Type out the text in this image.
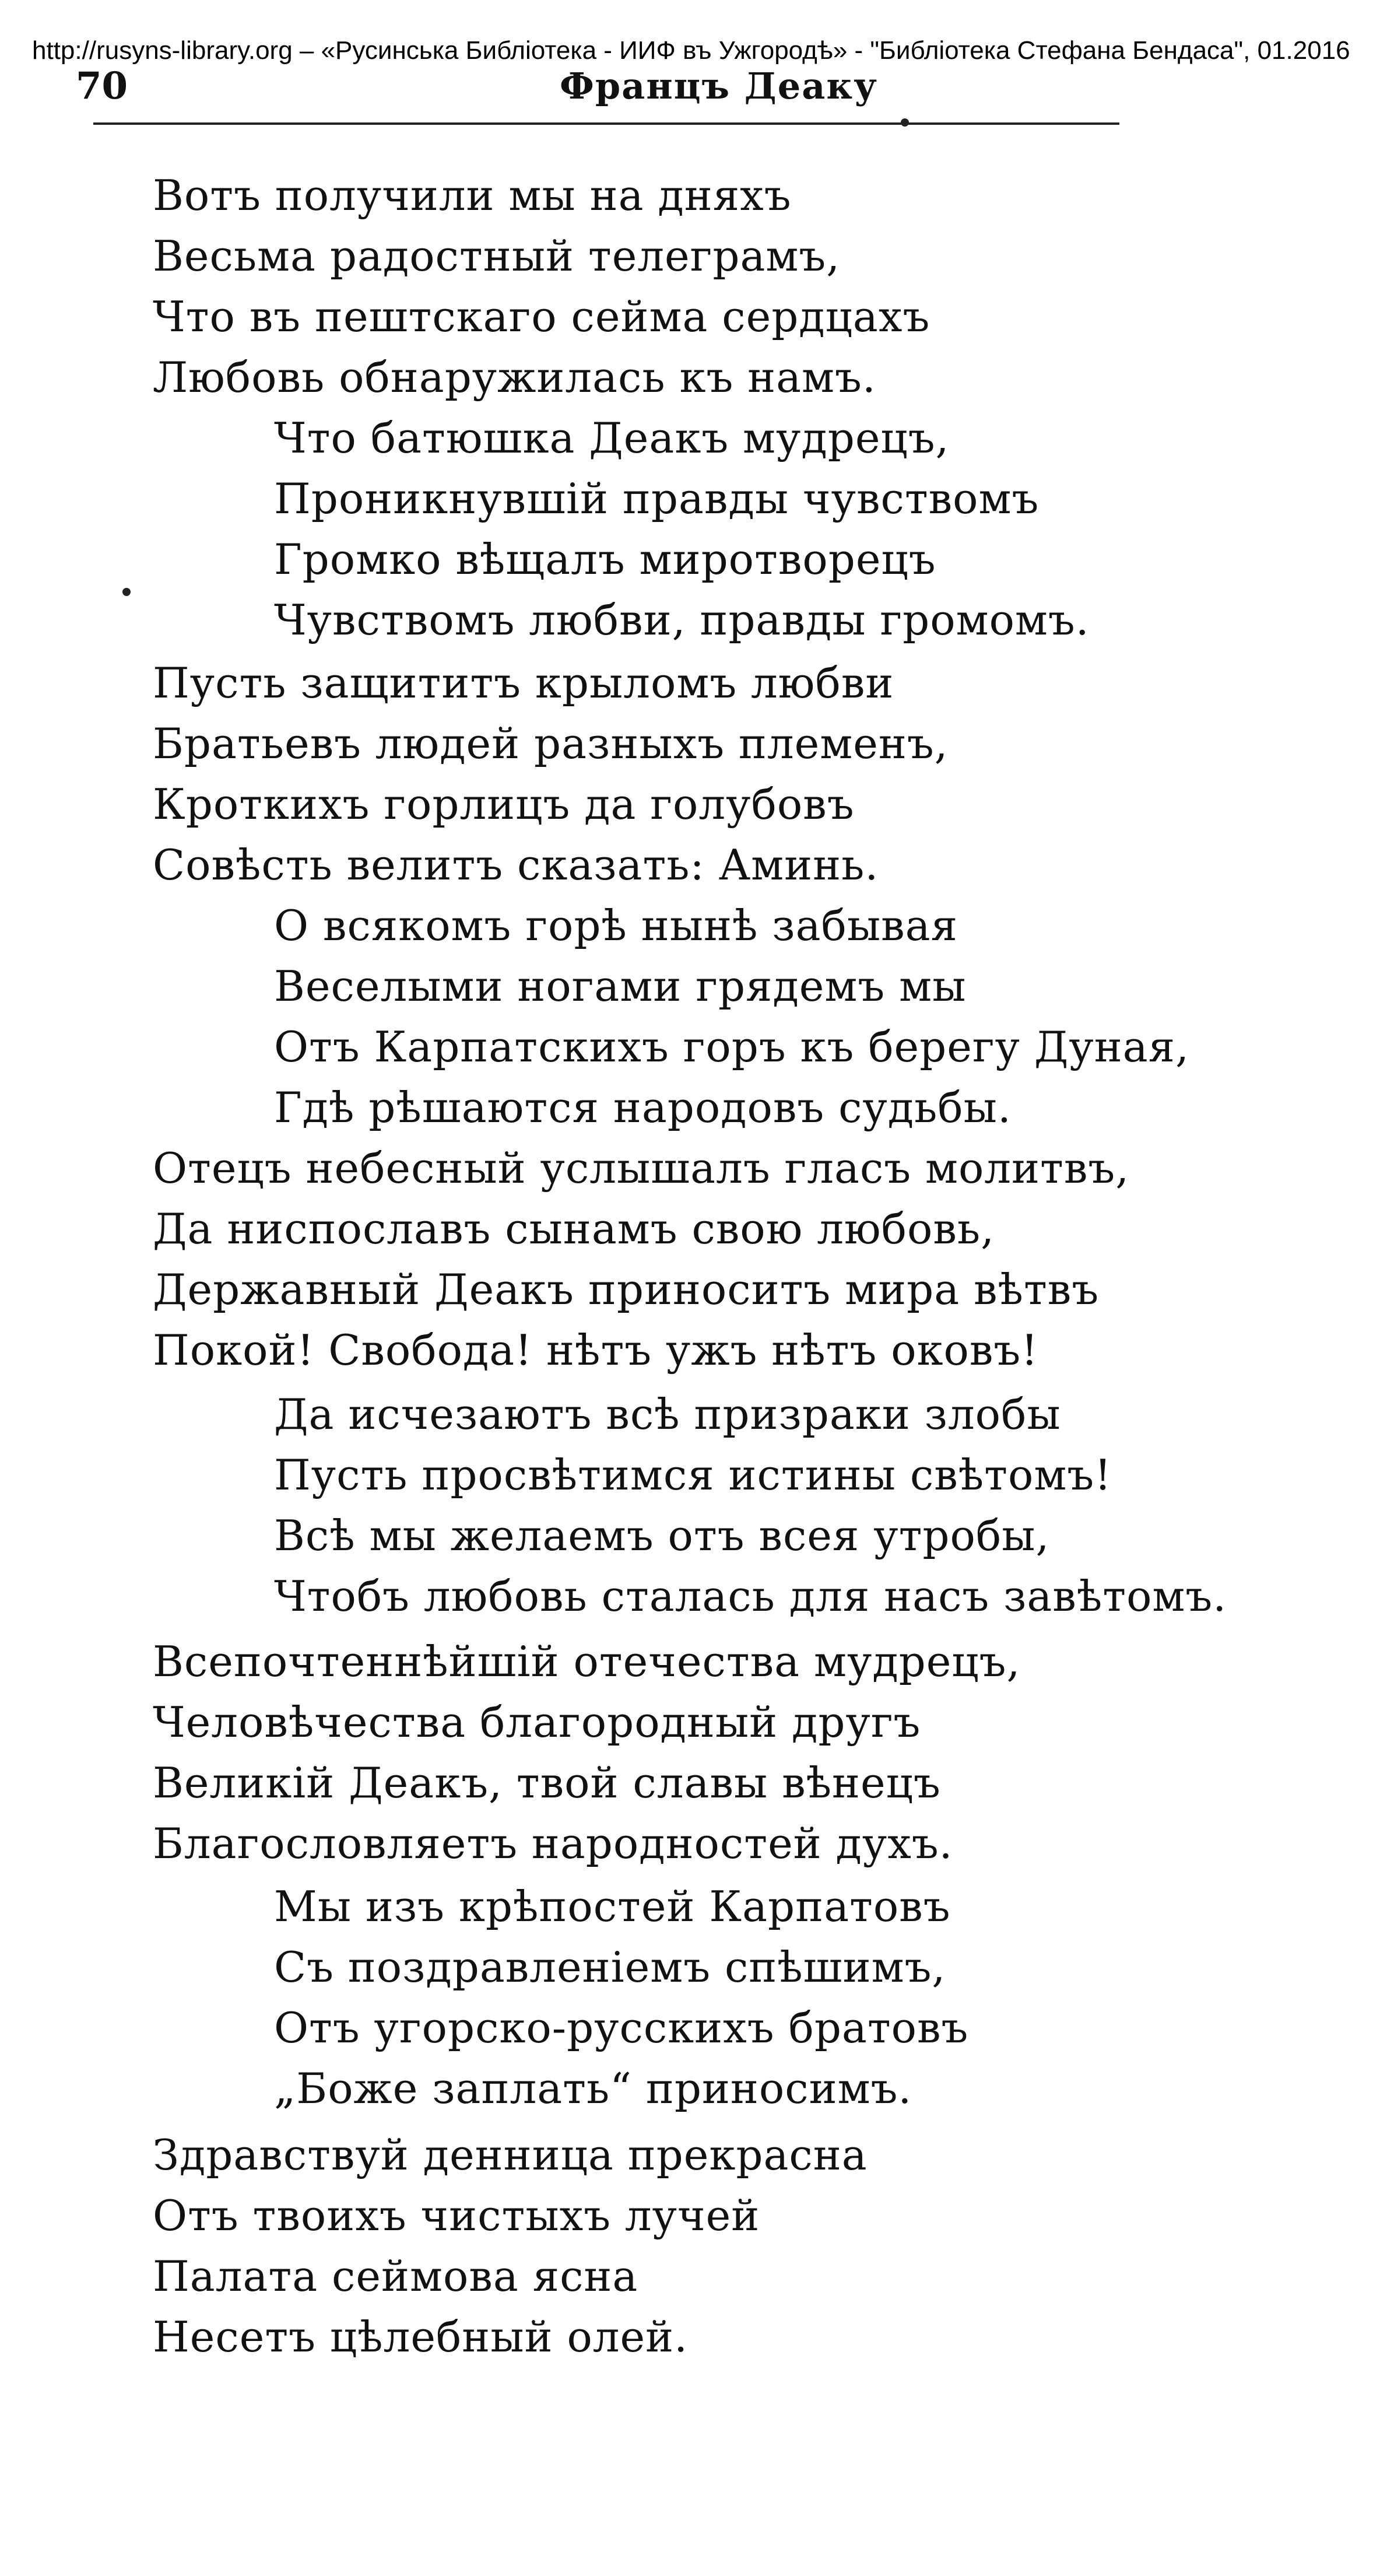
http://rusyns-library.org – «Русинська Библіотека - ИИФ въ Ужгородѣ» - "Библіотека Стефана Бендаса", 01.2016
70	Францъ Деаку
Вотъ получили мы на дняхъ
Весьма радостный телеграмъ,
Что въ пештскаго сейма сердцахъ
Любовь обнаружилась къ намъ.
Что батюшка Деакъ мудрецъ,
Проникнувшій правды чувствомъ
Громко вѣщалъ миротворецъ
Чувствомъ любви, правды громомъ.
Пусть защититъ крыломъ любви
Братьевъ людей разныхъ племенъ,
Кроткихъ горлицъ да голубовъ
Совѣсть велитъ сказать: Аминь.
О всякомъ горѣ нынѣ забывая
Веселыми ногами грядемъ мы
Отъ Карпатскихъ горъ къ берегу Дуная,
Гдѣ рѣшаются народовъ судьбы.
Отецъ небесный услышалъ гласъ молитвъ,
Да ниспославъ сынамъ свою любовь,
Державный Деакъ приноситъ мира вѣтвъ
Покой! Свобода! нѣтъ ужъ нѣтъ оковъ!
Да исчезаютъ всѣ призраки злобы
Пусть просвѣтимся истины свѣтомъ!
Всѣ мы желаемъ отъ всея утробы,
Чтобъ любовь сталась для насъ завѣтомъ.
Всепочтеннѣйшій отечества мудрецъ,
Человѣчества благородный другъ
Великій Деакъ, твой славы вѣнецъ
Благословляетъ народностей духъ.
Мы изъ крѣпостей Карпатовъ
Съ поздравленіемъ спѣшимъ,
Отъ угорско-русскихъ братовъ
„Боже заплать“ приносимъ.
Здравствуй денница прекрасна
Отъ твоихъ чистыхъ лучей
Палата сеймова ясна
Несетъ цѣлебный олей.
